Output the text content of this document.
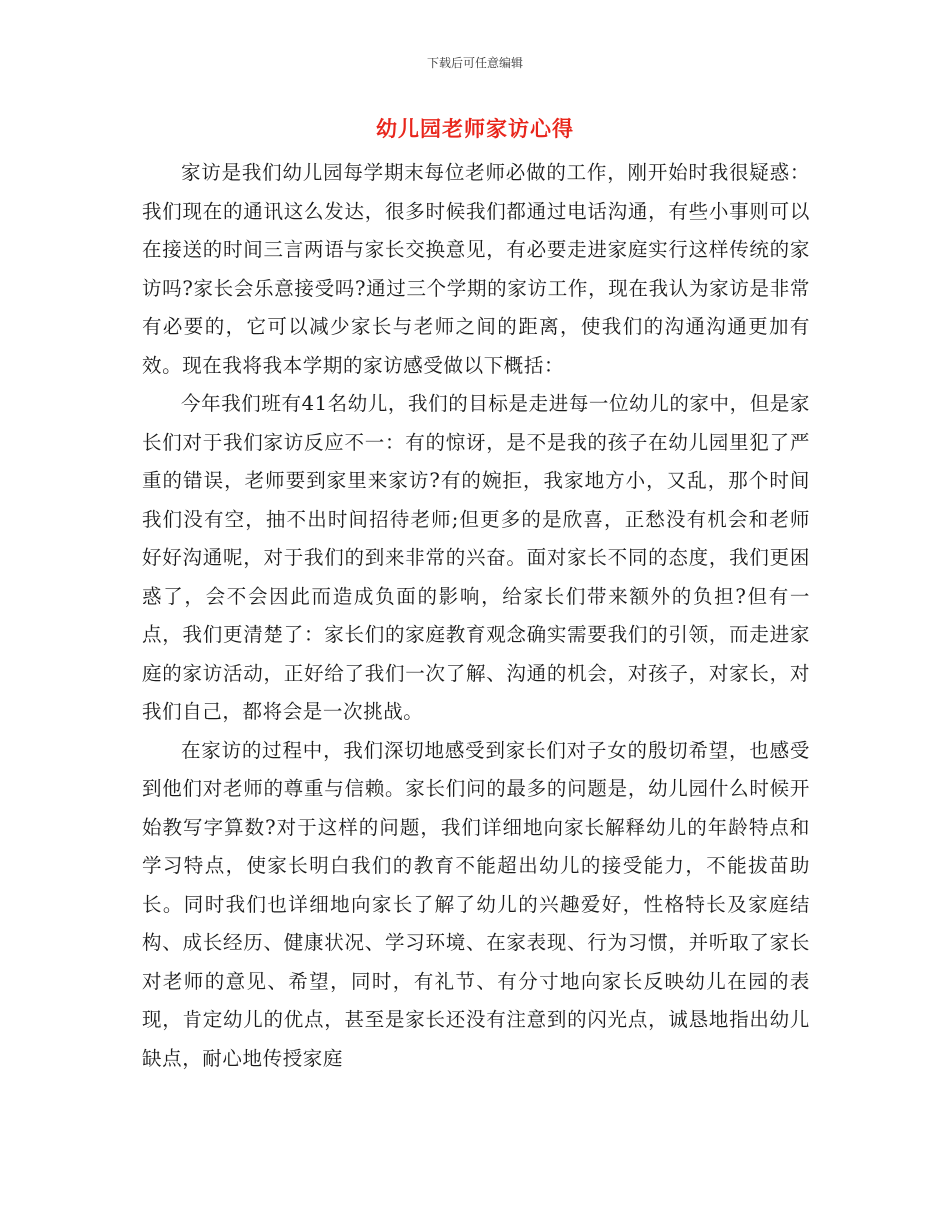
下载后可任意编辑
幼儿园老师家访心得

家访是我们幼儿园每学期末每位老师必做的工作，刚开始时我很疑惑：我们现在的通讯这么发达，很多时候我们都通过电话沟通，有些小事则可以在接送的时间三言两语与家长交换意见，有必要走进家庭实行这样传统的家访吗?家长会乐意接受吗?通过三个学期的家访工作，现在我认为家访是非常有必要的，它可以减少家长与老师之间的距离，使我们的沟通沟通更加有效。现在我将我本学期的家访感受做以下概括：

今年我们班有41名幼儿，我们的目标是走进每一位幼儿的家中，但是家长们对于我们家访反应不一：有的惊讶，是不是我的孩子在幼儿园里犯了严重的错误，老师要到家里来家访?有的婉拒，我家地方小，又乱，那个时间我们没有空，抽不出时间招待老师;但更多的是欣喜，正愁没有机会和老师好好沟通呢，对于我们的到来非常的兴奋。面对家长不同的态度，我们更困惑了，会不会因此而造成负面的影响，给家长们带来额外的负担?但有一点，我们更清楚了：家长们的家庭教育观念确实需要我们的引领，而走进家庭的家访活动，正好给了我们一次了解、沟通的机会，对孩子，对家长，对我们自己，都将会是一次挑战。

在家访的过程中，我们深切地感受到家长们对子女的殷切希望，也感受到他们对老师的尊重与信赖。家长们问的最多的问题是，幼儿园什么时候开始教写字算数?对于这样的问题，我们详细地向家长解释幼儿的年龄特点和学习特点，使家长明白我们的教育不能超出幼儿的接受能力，不能拔苗助长。同时我们也详细地向家长了解了幼儿的兴趣爱好，性格特长及家庭结构、成长经历、健康状况、学习环境、在家表现、行为习惯，并听取了家长对老师的意见、希望，同时，有礼节、有分寸地向家长反映幼儿在园的表现，肯定幼儿的优点，甚至是家长还没有注意到的闪光点，诚恳地指出幼儿缺点，耐心地传授家庭
